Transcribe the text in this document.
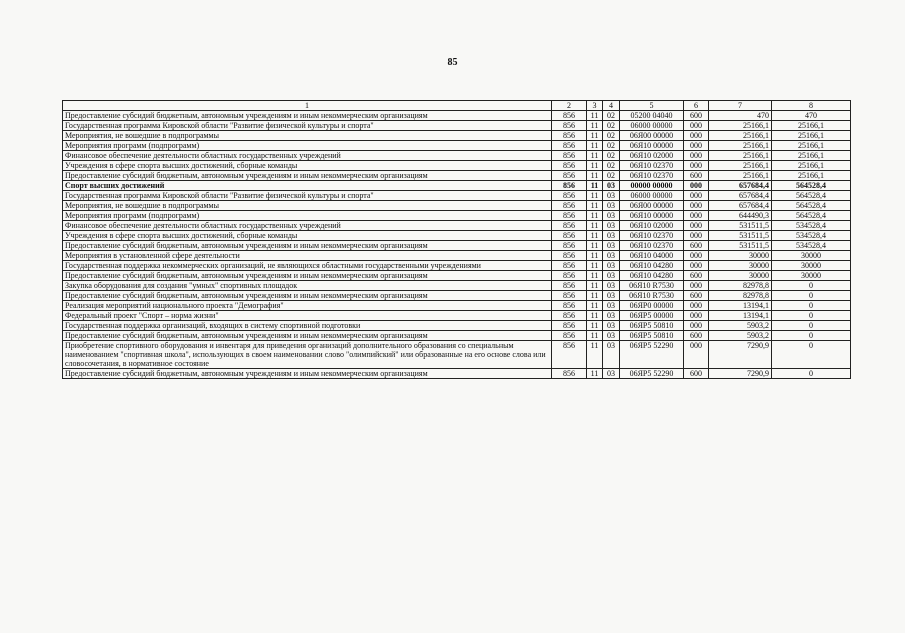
85
1	2	3	4	5	6	7	8
Предоставление субсидий бюджетным, автономным учреждениям и иным некоммерческим организациям	856	11	02	05200 04040	600	470	470
Государственная программа Кировской области "Развитие физической культуры и спорта"	856	11	02	06000 00000	000	25166,1	25166,1
Мероприятия, не вошедшие в подпрограммы	856	11	02	06Я00 00000	000	25166,1	25166,1
Мероприятия программ (подпрограмм)	856	11	02	06Я10 00000	000	25166,1	25166,1
Финансовое обеспечение деятельности областных государственных учреждений	856	11	02	06Я10 02000	000	25166,1	25166,1
Учреждения в сфере спорта высших достижений, сборные команды	856	11	02	06Я10 02370	000	25166,1	25166,1
Предоставление субсидий бюджетным, автономным учреждениям и иным некоммерческим организациям	856	11	02	06Я10 02370	600	25166,1	25166,1
Спорт высших достижений	856	11	03	00000 00000	000	657684,4	564528,4
Государственная программа Кировской области "Развитие физической культуры и спорта"	856	11	03	06000 00000	000	657684,4	564528,4
Мероприятия, не вошедшие в подпрограммы	856	11	03	06Я00 00000	000	657684,4	564528,4
Мероприятия программ (подпрограмм)	856	11	03	06Я10 00000	000	644490,3	564528,4
Финансовое обеспечение деятельности областных государственных учреждений	856	11	03	06Я10 02000	000	531511,5	534528,4
Учреждения в сфере спорта высших достижений, сборные команды	856	11	03	06Я10 02370	000	531511,5	534528,4
Предоставление субсидий бюджетным, автономным учреждениям и иным некоммерческим организациям	856	11	03	06Я10 02370	600	531511,5	534528,4
Мероприятия в установленной сфере деятельности	856	11	03	06Я10 04000	000	30000	30000
Государственная поддержка некоммерческих организаций, не являющихся областными государственными учреждениями	856	11	03	06Я10 04280	000	30000	30000
Предоставление субсидий бюджетным, автономным учреждениям и иным некоммерческим организациям	856	11	03	06Я10 04280	600	30000	30000
Закупка оборудования для создания "умных" спортивных площадок	856	11	03	06Я10 R7530	000	82978,8	0
Предоставление субсидий бюджетным, автономным учреждениям и иным некоммерческим организациям	856	11	03	06Я10 R7530	600	82978,8	0
Реализация мероприятий национального проекта "Демография"	856	11	03	06ЯР0 00000	000	13194,1	0
Федеральный проект "Спорт – норма жизни"	856	11	03	06ЯР5 00000	000	13194,1	0
Государственная поддержка организаций, входящих в систему спортивной подготовки	856	11	03	06ЯР5 50810	000	5903,2	0
Предоставление субсидий бюджетным, автономным учреждениям и иным некоммерческим организациям	856	11	03	06ЯР5 50810	600	5903,2	0
Приобретение спортивного оборудования и инвентаря для приведения организаций дополнительного образования со специальным наименованием "спортивная школа", использующих в своем наименовании слово "олимпийский" или образованные на его основе слова или словосочетания, в нормативное состояние	856	11	03	06ЯР5 52290	000	7290,9	0
Предоставление субсидий бюджетным, автономным учреждениям и иным некоммерческим организациям	856	11	03	06ЯР5 52290	600	7290,9	0
